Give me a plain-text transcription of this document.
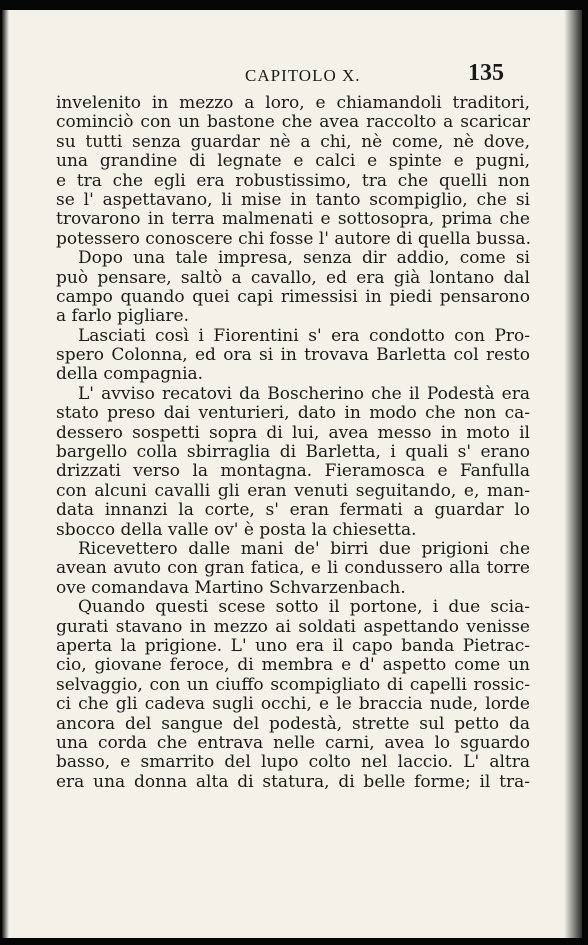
CAPITOLO X.	135
invelenito in mezzo a loro, e chiamandoli traditori,
cominciò con un bastone che avea raccolto a scaricar
su tutti senza guardar nè a chi, nè come, nè dove,
una grandine di legnate e calci e spinte e pugni,
e tra che egli era robustissimo, tra che quelli non
se l' aspettavano, li mise in tanto scompiglio, che si
trovarono in terra malmenati e sottosopra, prima che
potessero conoscere chi fosse l' autore di quella bussa.
Dopo una tale impresa, senza dir addio, come si
può pensare, saltò a cavallo, ed era già lontano dal
campo quando quei capi rimessisi in piedi pensarono
a farlo pigliare.
Lasciati così i Fiorentini s' era condotto con Pro-
spero Colonna, ed ora si in trovava Barletta col resto
della compagnia.
L' avviso recatovi da Boscherino che il Podestà era
stato preso dai venturieri, dato in modo che non ca-
dessero sospetti sopra di lui, avea messo in moto il
bargello colla sbirraglia di Barletta, i quali s' erano
drizzati verso la montagna. Fieramosca e Fanfulla
con alcuni cavalli gli eran venuti seguitando, e, man-
data innanzi la corte, s' eran fermati a guardar lo
sbocco della valle ov' è posta la chiesetta.
Ricevettero dalle mani de' birri due prigioni che
avean avuto con gran fatica, e li condussero alla torre
ove comandava Martino Schvarzenbach.
Quando questi scese sotto il portone, i due scia-
gurati stavano in mezzo ai soldati aspettando venisse
aperta la prigione. L' uno era il capo banda Pietrac-
cio, giovane feroce, di membra e d' aspetto come un
selvaggio, con un ciuffo scompigliato di capelli rossic-
ci che gli cadeva sugli occhi, e le braccia nude, lorde
ancora del sangue del podestà, strette sul petto da
una corda che entrava nelle carni, avea lo sguardo
basso, e smarrito del lupo colto nel laccio. L' altra
era una donna alta di statura, di belle forme; il tra-
